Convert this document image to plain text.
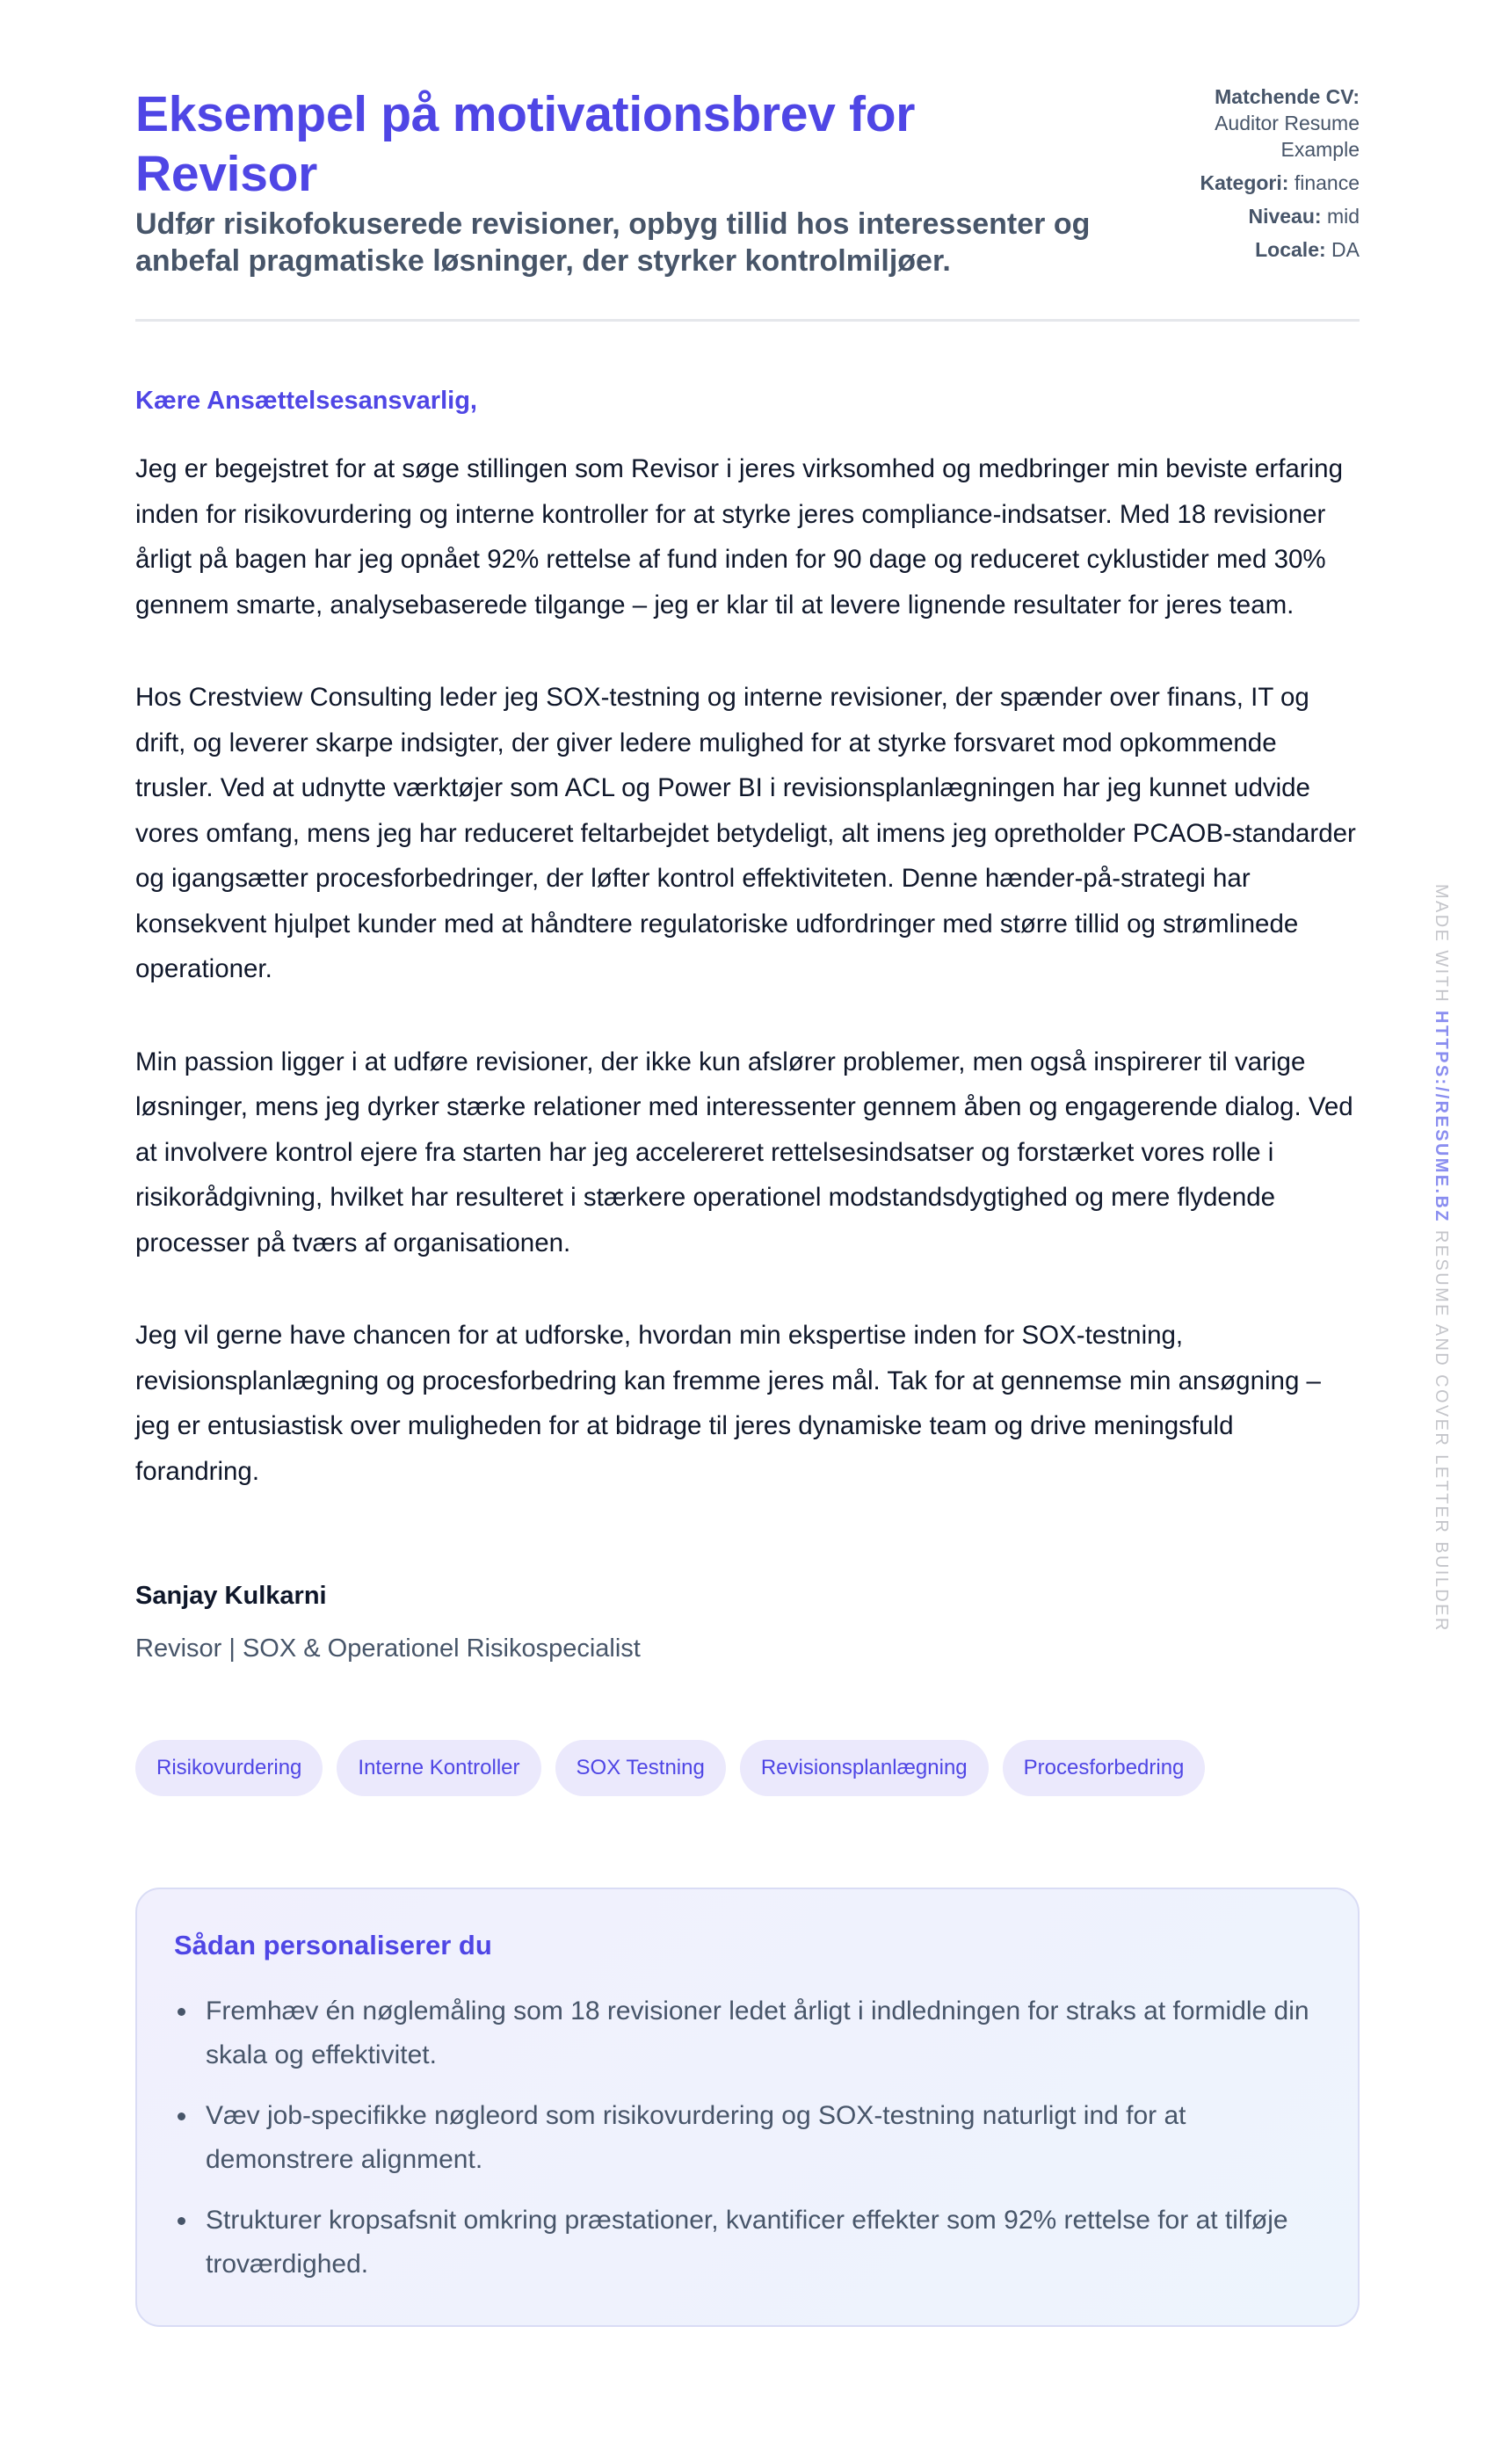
Eksempel på motivationsbrev for Revisor
Udfør risikofokuserede revisioner, opbyg tillid hos interessenter og anbefal pragmatiske løsninger, der styrker kontrolmiljøer.
Matchende CV:
Auditor Resume Example
Kategori: finance
Niveau: mid
Locale: DA

Kære Ansættelsesansvarlig,

Jeg er begejstret for at søge stillingen som Revisor i jeres virksomhed og medbringer min beviste erfaring inden for risikovurdering og interne kontroller for at styrke jeres compliance-indsatser. Med 18 revisioner årligt på bagen har jeg opnået 92% rettelse af fund inden for 90 dage og reduceret cyklustider med 30% gennem smarte, analysebaserede tilgange – jeg er klar til at levere lignende resultater for jeres team.

Hos Crestview Consulting leder jeg SOX-testning og interne revisioner, der spænder over finans, IT og drift, og leverer skarpe indsigter, der giver ledere mulighed for at styrke forsvaret mod opkommende trusler. Ved at udnytte værktøjer som ACL og Power BI i revisionsplanlægningen har jeg kunnet udvide vores omfang, mens jeg har reduceret feltarbejdet betydeligt, alt imens jeg opretholder PCAOB-standarder og igangsætter procesforbedringer, der løfter kontrol effektiviteten. Denne hænder-på-strategi har konsekvent hjulpet kunder med at håndtere regulatoriske udfordringer med større tillid og strømlinede operationer.

Min passion ligger i at udføre revisioner, der ikke kun afslører problemer, men også inspirerer til varige løsninger, mens jeg dyrker stærke relationer med interessenter gennem åben og engagerende dialog. Ved at involvere kontrol ejere fra starten har jeg accelereret rettelsesindsatser og forstærket vores rolle i risikorådgivning, hvilket har resulteret i stærkere operationel modstandsdygtighed og mere flydende processer på tværs af organisationen.

Jeg vil gerne have chancen for at udforske, hvordan min ekspertise inden for SOX-testning, revisionsplanlægning og procesforbedring kan fremme jeres mål. Tak for at gennemse min ansøgning – jeg er entusiastisk over muligheden for at bidrage til jeres dynamiske team og drive meningsfuld forandring.

Sanjay Kulkarni

Revisor | SOX & Operationel Risikospecialist

Risikovurdering	Interne Kontroller	SOX Testning	Revisionsplanlægning	Procesforbedring
Sådan personaliserer du
Fremhæv én nøglemåling som 18 revisioner ledet årligt i indledningen for straks at formidle din skala og effektivitet.
Væv job-specifikke nøgleord som risikovurdering og SOX-testning naturligt ind for at demonstrere alignment.
Strukturer kropsafsnit omkring præstationer, kvantificer effekter som 92% rettelse for at tilføje troværdighed.
MADE WITH HTTPS://RESUME.BZ RESUME AND COVER LETTER BUILDER
